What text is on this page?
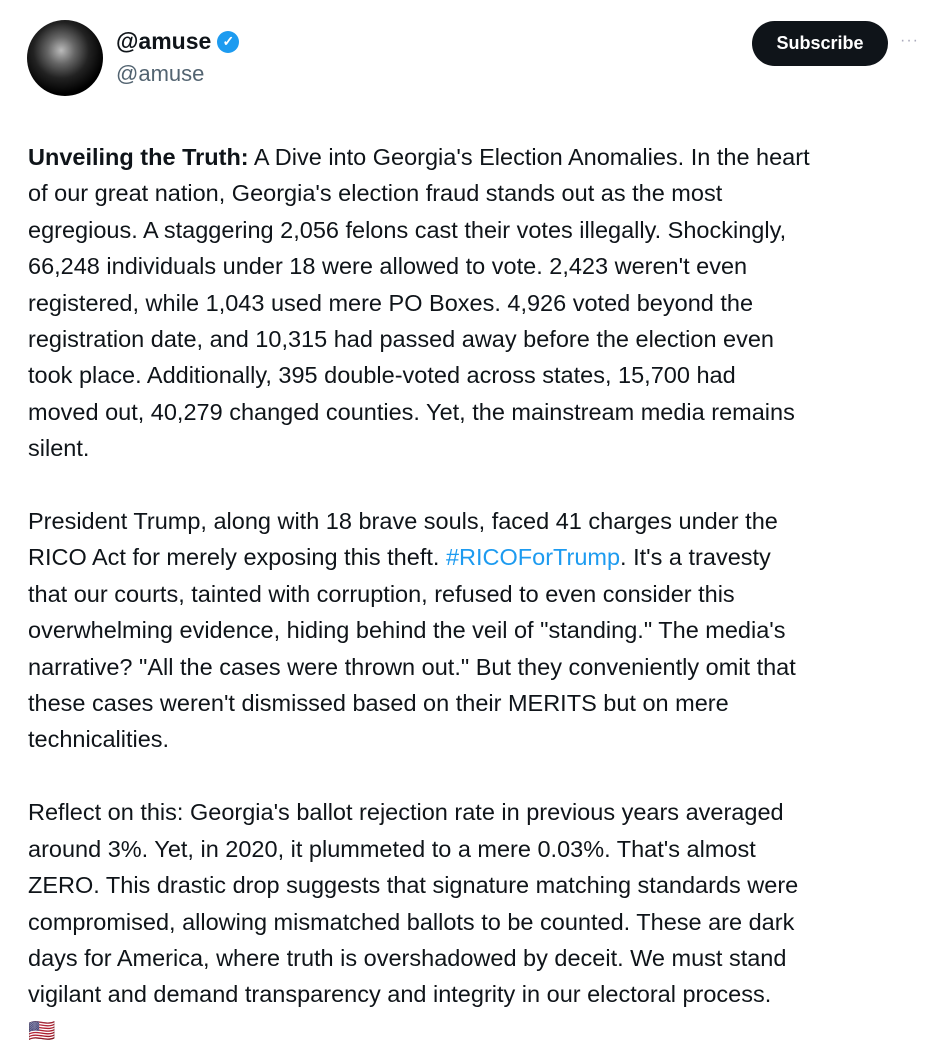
@amuse ✓
@amuse
Subscribe	···
Unveiling the Truth: A Dive into Georgia's Election Anomalies. In the heart
of our great nation, Georgia's election fraud stands out as the most
egregious. A staggering 2,056 felons cast their votes illegally. Shockingly,
66,248 individuals under 18 were allowed to vote. 2,423 weren't even
registered, while 1,043 used mere PO Boxes. 4,926 voted beyond the
registration date, and 10,315 had passed away before the election even
took place. Additionally, 395 double-voted across states, 15,700 had
moved out, 40,279 changed counties. Yet, the mainstream media remains
silent.
President Trump, along with 18 brave souls, faced 41 charges under the
RICO Act for merely exposing this theft. #RICOForTrump. It's a travesty
that our courts, tainted with corruption, refused to even consider this
overwhelming evidence, hiding behind the veil of "standing." The media's
narrative? "All the cases were thrown out." But they conveniently omit that
these cases weren't dismissed based on their MERITS but on mere
technicalities.
Reflect on this: Georgia's ballot rejection rate in previous years averaged
around 3%. Yet, in 2020, it plummeted to a mere 0.03%. That's almost
ZERO. This drastic drop suggests that signature matching standards were
compromised, allowing mismatched ballots to be counted. These are dark
days for America, where truth is overshadowed by deceit. We must stand
vigilant and demand transparency and integrity in our electoral process.
🇺🇸
